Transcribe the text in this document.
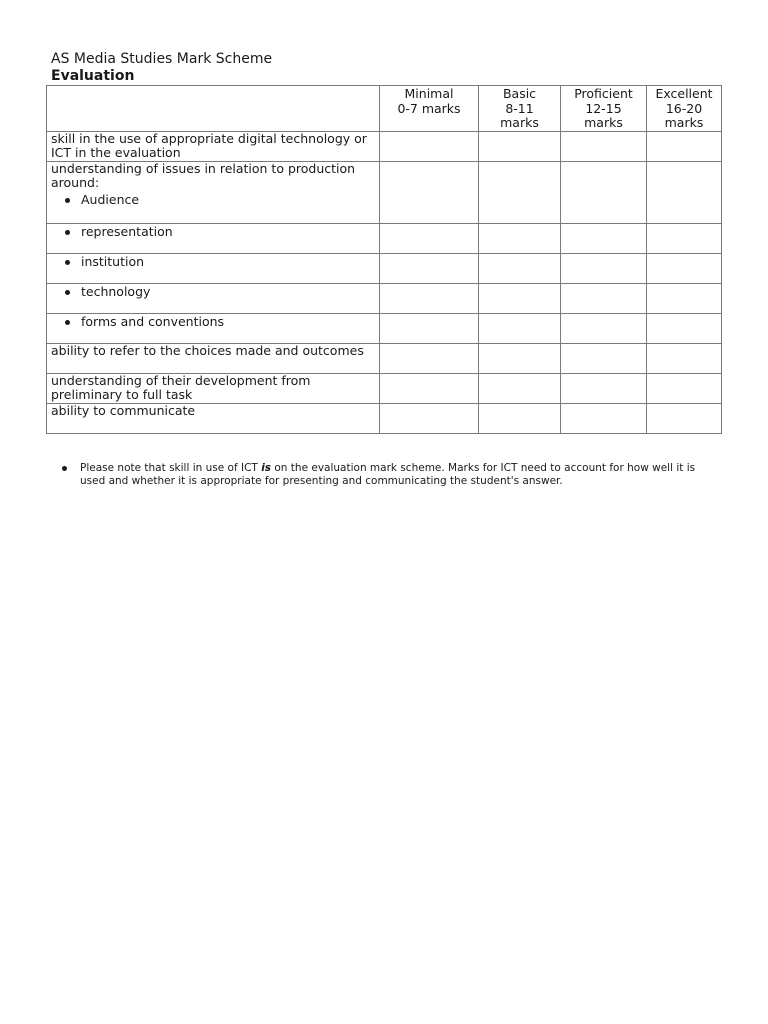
AS Media Studies Mark Scheme
Evaluation

	Minimal
0-7 marks	Basic
8-11
marks	Proficient
12-15
marks	Excellent
16-20
marks

skill in the use of appropriate digital technology or ICT in the evaluation				

understanding of issues in relation to production around:
Audience				

representation				

institution				

technology				

forms and conventions				

ability to refer to the choices made and outcomes				
understanding of their development from preliminary to full task				
ability to communicate				
Please note that skill in use of ICT is on the evaluation mark scheme. Marks for ICT need to account for how well it is used and whether it is appropriate for presenting and communicating the student's answer.
